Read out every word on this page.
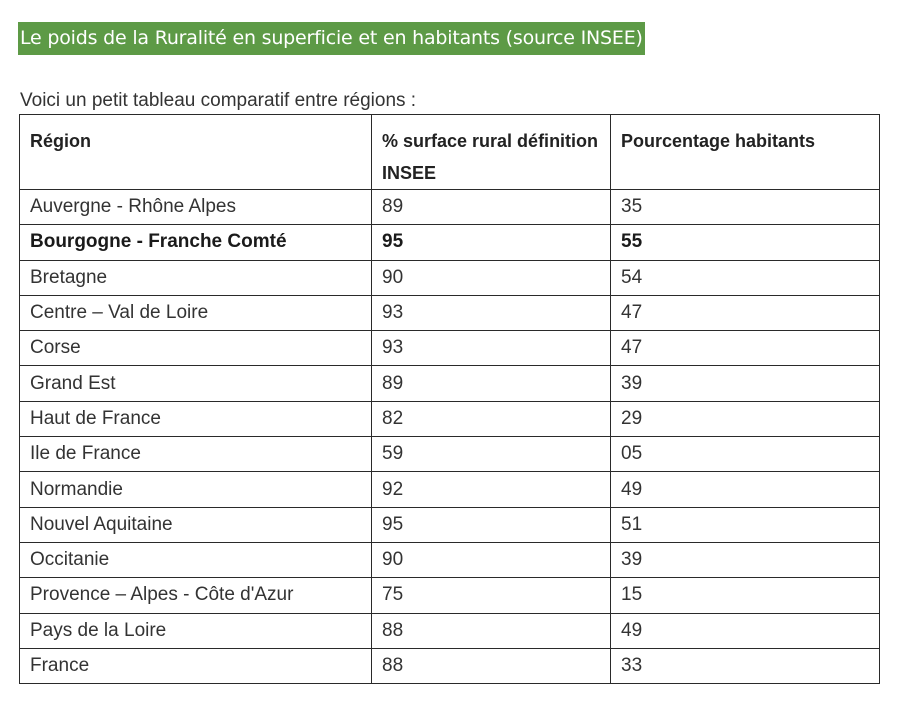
Le poids de la Ruralité en superficie et en habitants (source INSEE)
Voici un petit tableau comparatif entre régions :
Région	% surface rural définition INSEE	Pourcentage habitants
Auvergne - Rhône Alpes	89	35
Bourgogne - Franche Comté	95	55
Bretagne	90	54
Centre – Val de Loire	93	47
Corse	93	47
Grand Est	89	39
Haut de France	82	29
Ile de France	59	05
Normandie	92	49
Nouvel Aquitaine	95	51
Occitanie	90	39
Provence – Alpes - Côte d'Azur	75	15
Pays de la Loire	88	49
France	88	33
